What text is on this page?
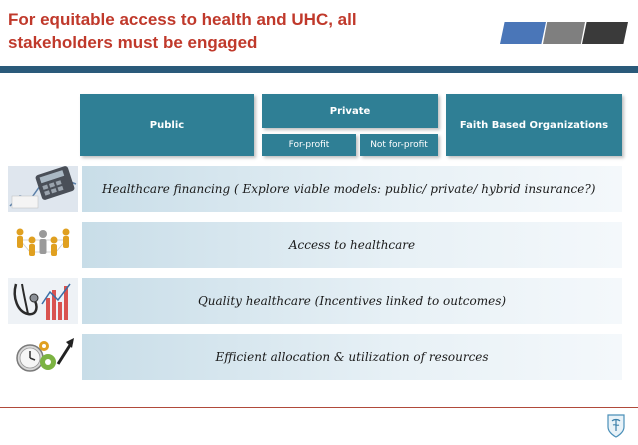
For equitable access to health and UHC, all stakeholders must be engaged
Public
Private
For-profit	Not for-profit
Faith Based Organizations
Healthcare financing ( Explore viable models: public/ private/ hybrid insurance?)
Access to healthcare
Quality healthcare (Incentives linked to outcomes)
Efficient allocation & utilization of resources
